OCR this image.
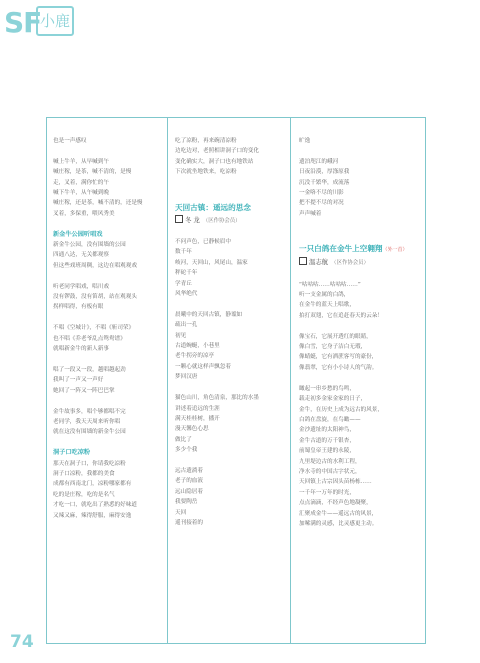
SF
小鹿

也是一声感叹

喊上牛羊，从早喊到午

喊庄稼，是茶，喊不清的，是慢

走，叉着，满你忙的午

喊下牛羊，从午喊到晚

喊庄稼，还是茶，喊不清的，还是慢

叉着，多保重，喂风秀美

新金牛公园听唱戏

新金牛公园，没有围墙的公园

四通八达，无关都观察

但这些戏班周稠，这边在唱观观戏

听老同学唱戏，唱川戏

没有锣鼓，没有笛胡，站在观观头

拐样唱得，有板有眼

不唱《空城计》，不唱《斩司荣》

也不唱《乔老爷乱点鸳鸯谱》

就唱新金牛的新人新事

唱了一段又一段，越唱越起劲

我叫了一声又一声好

她回了一阵又一阵巴巴掌

金牛故事多，唱个够都唱不完

老同学，我天天周来听你唱

就在这没有围墙的新金牛公园

洞子口吃凉粉

那天在洞子口，你请我吃凉粉

洞子口凉粉，我都的美食

成都有西南北门，凉粉哪家都有

吃的是庄稼，吃的是名气

才吃一口，就吃出了熟悉的好味道

又辣又麻，辣得舒服，麻得安逸

吃了凉粉，再来碗清凉粉

边吃边对，老照相讲洞子口的变化

变化确实大，洞子口也有地铁站

下次就坐地铁来，吃凉粉

天回古镇：遥远的思念

冬 龙 （区作协会员）

不问声色，已静候眉中

数千年

岐河，天回山，风尾山，温家

秤砣千年

学青丘

风华绝代

晨曦中的天回古镇，静谧如

疏出一孔

初见

古道蜿蜒，小巷里

老牛拐旁的凉亭

一颗心就这样声飘忽着

梦回汉唐

猫色山川，角色清泉，那比的水墨

讲述着追远的生涯

满天桂桂树，播开

漫天馨色心思

做比了

多少个我

远古遗淌着

老子的血液

远山隐居着

我要陶岳

天回

遥刊接着的

旷逸

遗泊咫江的峨河

日夜沿漠，厚涤原我

沉没千繁华，成流落

一金咯不尽的川影

把不提不尽的对况

声声喊着

一只白鸽在金牛上空翱翔（外一首）

温志航 （区作协会员）

“咕咕咕……咕咕咕……”

听一支金属的白鸽，

在金牛的蓝天上唱歌，

拍打双翅，它在追赶春天的云朵！

像宝石，它展开透红的眼睛，

像白雪，它身子洁白无瑕，

像蜻蜓，它有洒蔗客写的豪份，

像翡翠，它有小小诗人的气韵。

瞰起一串乡愁的鸟鸣，

载走初多金家金家的日子，

金牛，在历史上成为远古的风景，

白鸽在盘旋，在鸟瞰——

金沙遗址的太阳神鸟，

金牛古道的万千银杏，

前蜀皇帝王建的永陵，

九里堤边古的水利工程，

净水寺的中国古字状元，

天回镇上古宗因头苗杨栋……

一千年一万年的时光，

点点滴滴，不经声色地凝聚，

汇聚成金牛——遥远古的风景，

加嗦满的灵感，比灵感更主动。

74
